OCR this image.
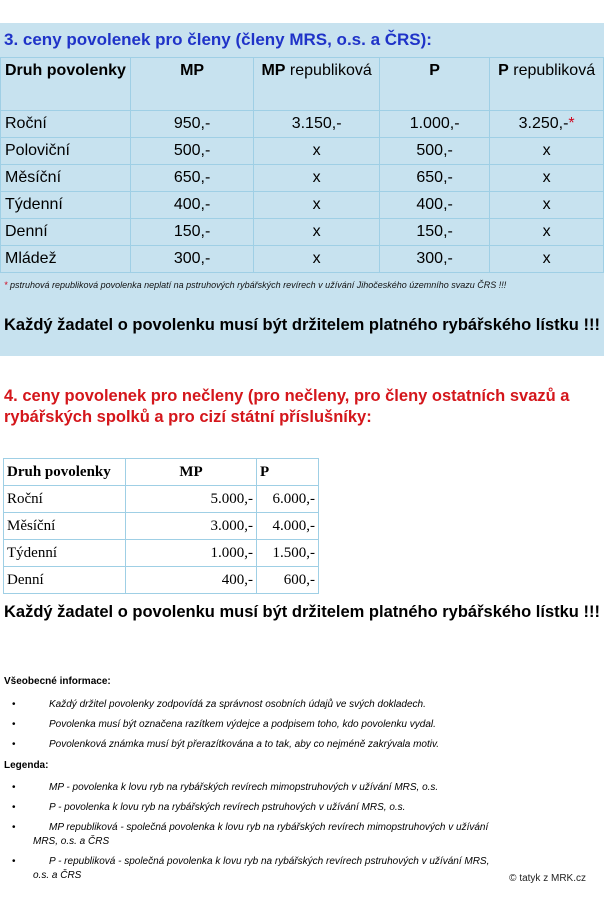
3. ceny povolenek pro členy (členy MRS, o.s. a ČRS):
Druh povolenky	MP	MP republiková	P	P republiková
Roční	950,-	3.150,-	1.000,-	3.250,-*
Poloviční	500,-	x	500,-	x
Měsíční	650,-	x	650,-	x
Týdenní	400,-	x	400,-	x
Denní	150,-	x	150,-	x
Mládež	300,-	x	300,-	x
* pstruhová republiková povolenka neplatí na pstruhových rybářských revírech v užívání Jihočeského územního svazu ČRS !!!
Každý žadatel o povolenku musí být držitelem platného rybářského lístku !!!
4. ceny povolenek pro nečleny (pro nečleny, pro členy ostatních svazů a rybářských spolků a pro cizí státní příslušníky:
Druh povolenky	MP	P
Roční	5.000,-	6.000,-
Měsíční	3.000,-	4.000,-
Týdenní	1.000,-	1.500,-
Denní	400,-	600,-
Každý žadatel o povolenku musí být držitelem platného rybářského lístku !!!
Všeobecné informace:
•	Každý držitel povolenky zodpovídá za správnost osobních údajů ve svých dokladech.
•	Povolenka musí být označena razítkem výdejce a podpisem toho, kdo povolenku vydal.
•	Povolenková známka musí být přerazítkována a to tak, aby co nejméně zakrývala motiv.
Legenda:
•	MP - povolenka k lovu ryb na rybářských revírech mimopstruhových v užívání MRS, o.s.
•	P - povolenka k lovu ryb na rybářských revírech pstruhových v užívání MRS, o.s.
•	MP republiková - společná povolenka k lovu ryb na rybářských revírech mimopstruhových v užívání
MRS, o.s. a ČRS
•	P - republiková - společná povolenka k lovu ryb na rybářských revírech pstruhových v užívání MRS,
o.s. a ČRS	© tatyk z MRK.cz
